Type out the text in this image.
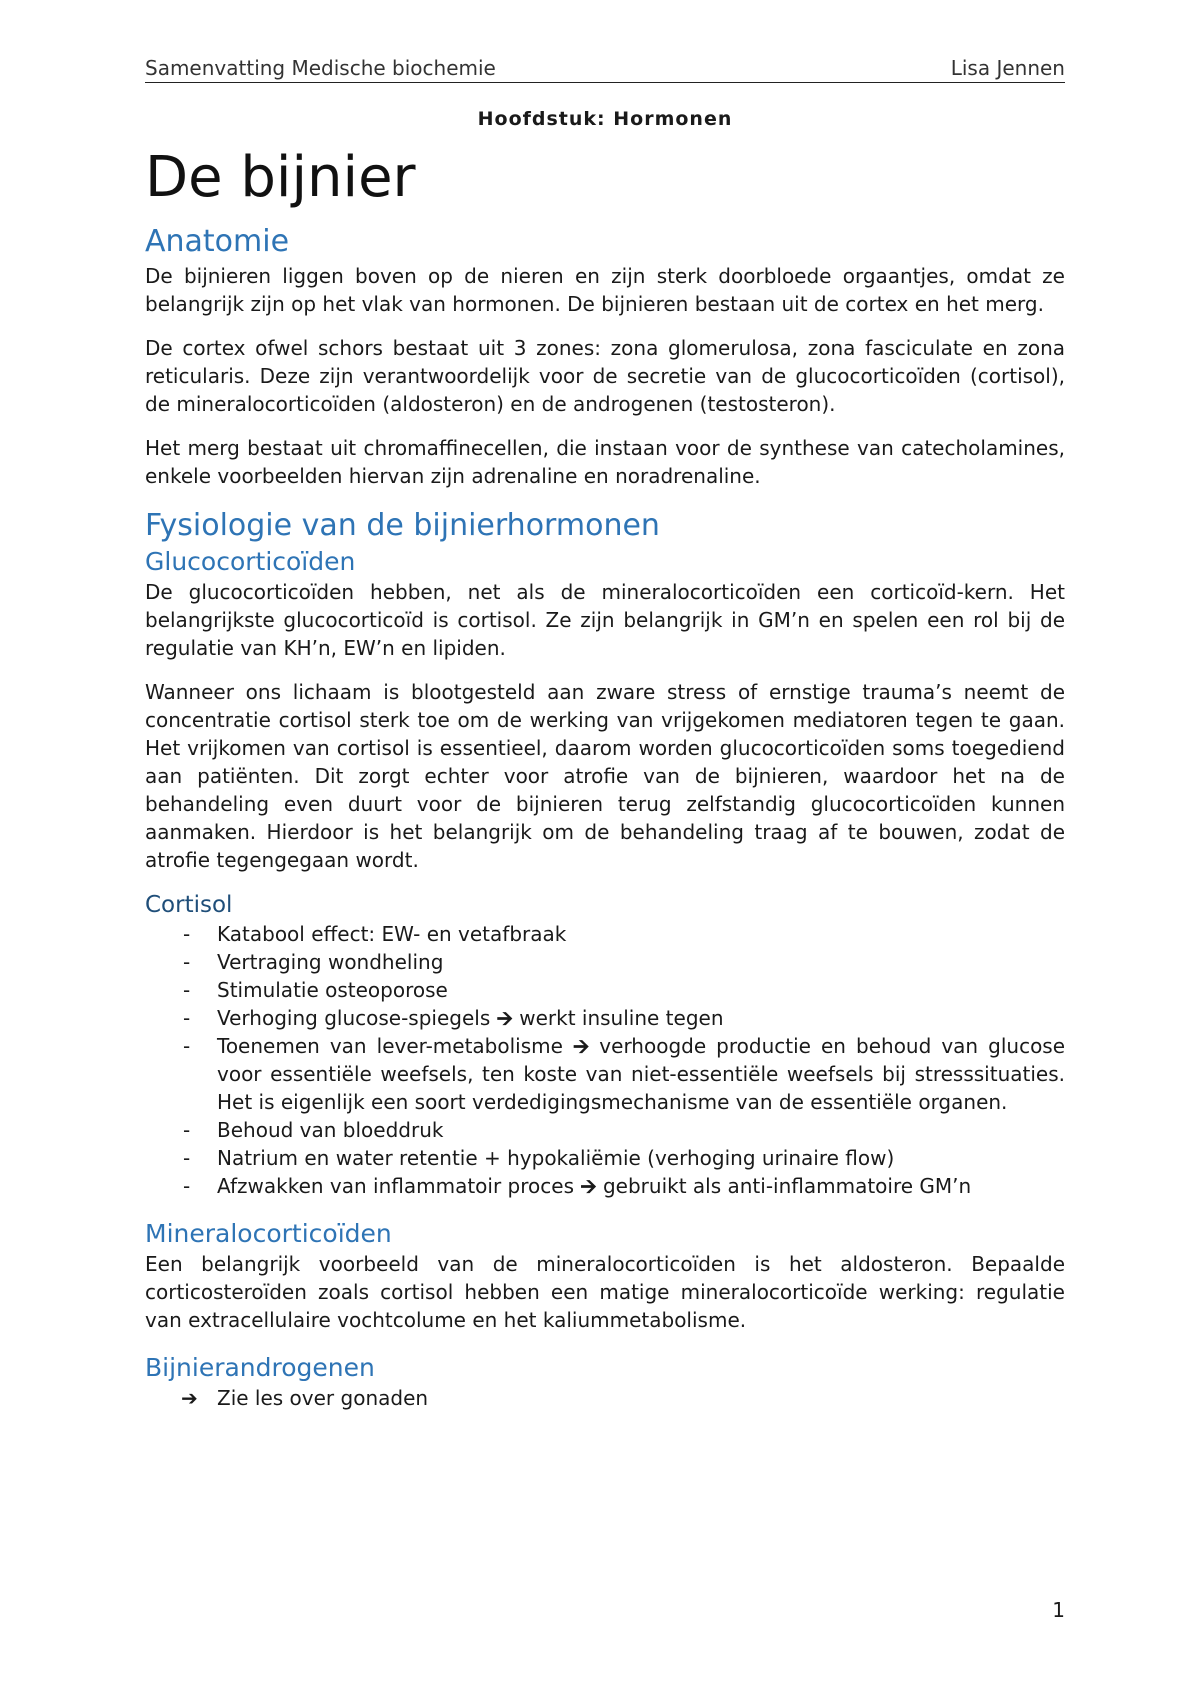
Samenvatting Medische biochemie	Lisa Jennen
Hoofdstuk: Hormonen
De bijnier
Anatomie

De bijnieren liggen boven op de nieren en zijn sterk doorbloede orgaantjes, omdat ze belangrijk zijn op het vlak van hormonen. De bijnieren bestaan uit de cortex en het merg.

De cortex ofwel schors bestaat uit 3 zones: zona glomerulosa, zona fasciculate en zona reticularis. Deze zijn verantwoordelijk voor de secretie van de glucocorticoïden (cortisol), de mineralocorticoïden (aldosteron) en de androgenen (testosteron).

Het merg bestaat uit chromaffinecellen, die instaan voor de synthese van catecholamines, enkele voorbeelden hiervan zijn adrenaline en noradrenaline.

Fysiologie van de bijnierhormonen
Glucocorticoïden

De glucocorticoïden hebben, net als de mineralocorticoïden een corticoïd-kern. Het belangrijkste glucocorticoïd is cortisol. Ze zijn belangrijk in GM’n en spelen een rol bij de regulatie van KH’n, EW’n en lipiden.

Wanneer ons lichaam is blootgesteld aan zware stress of ernstige trauma’s neemt de concentratie cortisol sterk toe om de werking van vrijgekomen mediatoren tegen te gaan. Het vrijkomen van cortisol is essentieel, daarom worden glucocorticoïden soms toegediend aan patiënten. Dit zorgt echter voor atrofie van de bijnieren, waardoor het na de behandeling even duurt voor de bijnieren terug zelfstandig glucocorticoïden kunnen aanmaken. Hierdoor is het belangrijk om de behandeling traag af te bouwen, zodat de atrofie tegengegaan wordt.

Cortisol
- Katabool effect: EW- en vetafbraak
- Vertraging wondheling
- Stimulatie osteoporose
- Verhoging glucose-spiegels 🡪 werkt insuline tegen
- Toenemen van lever-metabolisme 🡪 verhoogde productie en behoud van glucose voor essentiële weefsels, ten koste van niet-essentiële weefsels bij stresssituaties. Het is eigenlijk een soort verdedigingsmechanisme van de essentiële organen.
- Behoud van bloeddruk
- Natrium en water retentie + hypokaliëmie (verhoging urinaire flow)
- Afzwakken van inflammatoir proces 🡪 gebruikt als anti-inflammatoire GM’n
Mineralocorticoïden

Een belangrijk voorbeeld van de mineralocorticoïden is het aldosteron. Bepaalde corticosteroïden zoals cortisol hebben een matige mineralocorticoïde werking: regulatie van extracellulaire vochtcolume en het kaliummetabolisme.

Bijnierandrogenen
➔ Zie les over gonaden
1
